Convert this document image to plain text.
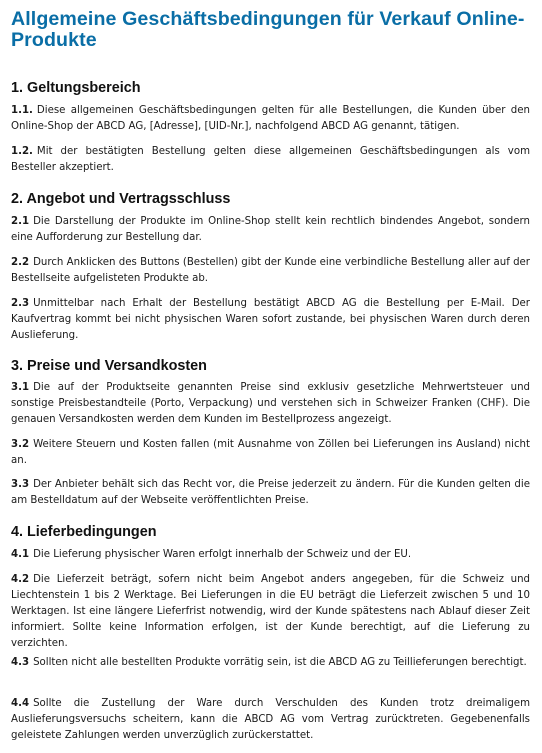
Allgemeine Geschäftsbedingungen für Verkauf Online-Produkte
1. Geltungsbereich

1.1. Diese allgemeinen Geschäftsbedingungen gelten für alle Bestellungen, die Kunden über den Online-Shop der ABCD AG, [Adresse], [UID-Nr.], nachfolgend ABCD AG genannt, tätigen.

1.2. Mit der bestätigten Bestellung gelten diese allgemeinen Geschäftsbedingungen als vom Besteller akzeptiert.

2. Angebot und Vertragsschluss

2.1 Die Darstellung der Produkte im Online-Shop stellt kein rechtlich bindendes Angebot, sondern eine Aufforderung zur Bestellung dar.

2.2 Durch Anklicken des Buttons (Bestellen) gibt der Kunde eine verbindliche Bestellung aller auf der Bestellseite aufgelisteten Produkte ab.

2.3 Unmittelbar nach Erhalt der Bestellung bestätigt ABCD AG die Bestellung per E-Mail. Der Kaufvertrag kommt bei nicht physischen Waren sofort zustande, bei physischen Waren durch deren Auslieferung.

3. Preise und Versandkosten

3.1 Die auf der Produktseite genannten Preise sind exklusiv gesetzliche Mehrwertsteuer und sonstige Preisbestandteile (Porto, Verpackung) und verstehen sich in Schweizer Franken (CHF). Die genauen Versandkosten werden dem Kunden im Bestellprozess angezeigt.

3.2 Weitere Steuern und Kosten fallen (mit Ausnahme von Zöllen bei Lieferungen ins Ausland) nicht an.

3.3 Der Anbieter behält sich das Recht vor, die Preise jederzeit zu ändern. Für die Kunden gelten die am Bestelldatum auf der Webseite veröffentlichten Preise.

4. Lieferbedingungen

4.1 Die Lieferung physischer Waren erfolgt innerhalb der Schweiz und der EU.

4.2 Die Lieferzeit beträgt, sofern nicht beim Angebot anders angegeben, für die Schweiz und Liechtenstein 1 bis 2 Werktage. Bei Lieferungen in die EU beträgt die Lieferzeit zwischen 5 und 10 Werktagen. Ist eine längere Lieferfrist notwendig, wird der Kunde spätestens nach Ablauf dieser Zeit informiert. Sollte keine Information erfolgen, ist der Kunde berechtigt, auf die Lieferung zu verzichten.

4.3 Sollten nicht alle bestellten Produkte vorrätig sein, ist die ABCD AG zu Teillieferungen berechtigt.

4.4 Sollte die Zustellung der Ware durch Verschulden des Kunden trotz dreimaligem Auslieferungsversuchs scheitern, kann die ABCD AG vom Vertrag zurücktreten. Gegebenenfalls geleistete Zahlungen werden unverzüglich zurückerstattet.
